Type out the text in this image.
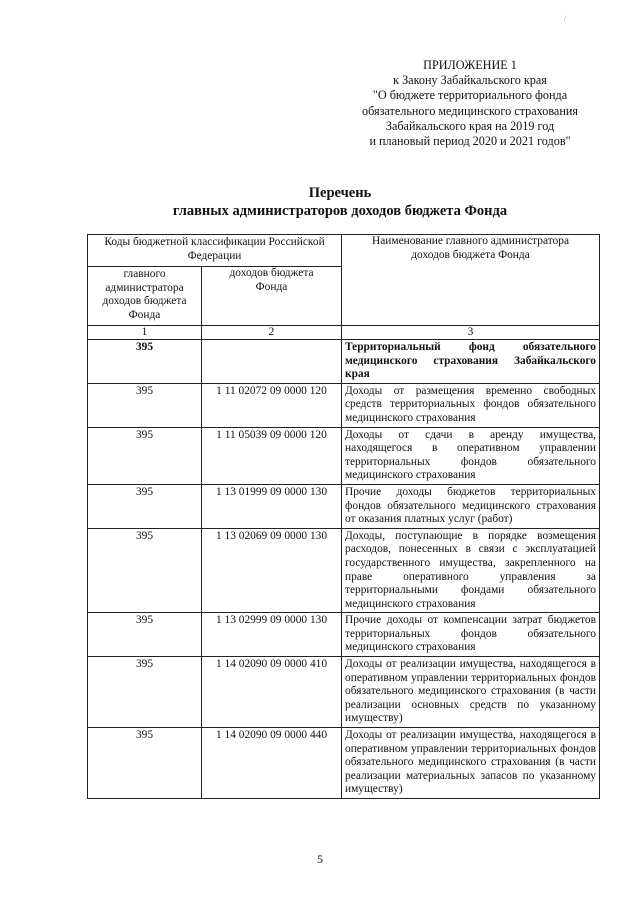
/
ПРИЛОЖЕНИЕ 1
к Закону Забайкальского края
"О бюджете территориального фонда
обязательного медицинского страхования
Забайкальского края на 2019 год
и плановый период 2020 и 2021 годов"
Перечень
главных администраторов доходов бюджета Фонда
Коды бюджетной классификации Российской Федерации		Наименование главного администратора доходов бюджета Фонда
главного администратора доходов бюджета Фонда	доходов бюджета Фонда	
1	2	3
395		Территориальный фонд обязательного медицинского страхования Забайкальского края
395	1 11 02072 09 0000 120	Доходы от размещения временно свободных средств территориальных фондов обязательного медицинского страхования
395	1 11 05039 09 0000 120	Доходы от сдачи в аренду имущества, находящегося в оперативном управлении территориальных фондов обязательного медицинского страхования
395	1 13 01999 09 0000 130	Прочие доходы бюджетов территориальных фондов обязательного медицинского страхования от оказания платных услуг (работ)
395	1 13 02069 09 0000 130	Доходы, поступающие в порядке возмещения расходов, понесенных в связи с эксплуатацией государственного имущества, закрепленного на праве оперативного управления за территориальными фондами обязательного медицинского страхования
395	1 13 02999 09 0000 130	Прочие доходы от компенсации затрат бюджетов территориальных фондов обязательного медицинского страхования
395	1 14 02090 09 0000 410	Доходы от реализации имущества, находящегося в оперативном управлении территориальных фондов обязательного медицинского страхования (в части реализации основных средств по указанному имуществу)
395	1 14 02090 09 0000 440	Доходы от реализации имущества, находящегося в оперативном управлении территориальных фондов обязательного медицинского страхования (в части реализации материальных запасов по указанному имуществу)
5
